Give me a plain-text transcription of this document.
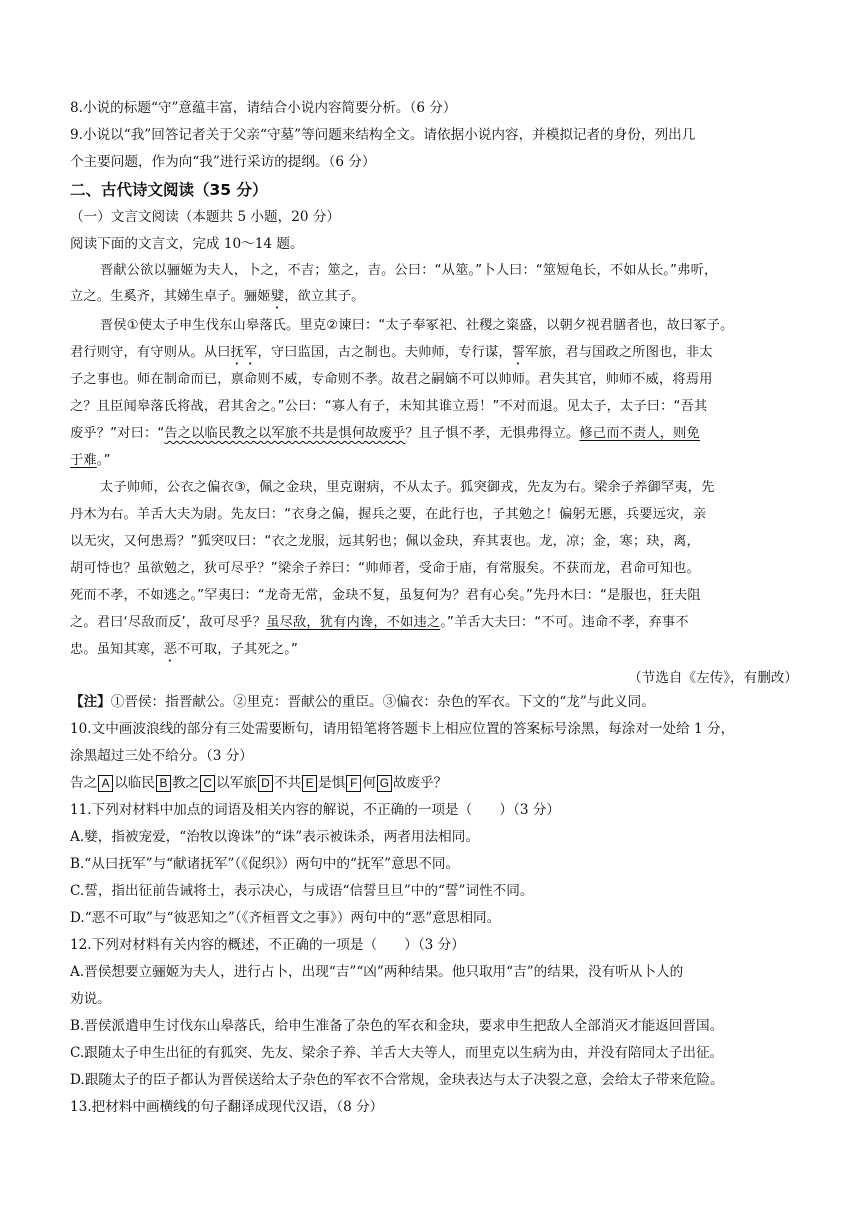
8.小说的标题“守”意蕴丰富，请结合小说内容简要分析。（6 分）
9.小说以“我”回答记者关于父亲“守墓”等问题来结构全文。请依据小说内容，并模拟记者的身份，列出几
个主要问题，作为向“我”进行采访的提纲。（6 分）
二、古代诗文阅读（35 分）
（一）文言文阅读（本题共 5 小题，20 分）
阅读下面的文言文，完成 10～14 题。
晋献公欲以骊姬为夫人，卜之，不吉；筮之，吉。公曰：“从筮。”卜人曰：“筮短龟长，不如从长。”弗听，
立之。生奚齐，其娣生卓子。骊姬嬖，欲立其子。
晋侯①使太子申生伐东山皋落氏。里克②谏曰：“太子奉冢祀、社稷之粢盛，以朝夕视君膳者也，故曰冢子。
君行则守，有守则从。从曰抚军，守曰监国，古之制也。夫帅师，专行谋，誓军旅，君与国政之所图也，非太
子之事也。师在制命而已，禀命则不威，专命则不孝。故君之嗣嫡不可以帅师。君失其官，帅师不威，将焉用
之？且臣闻皋落氏将战，君其舍之。”公曰：“寡人有子，未知其谁立焉！”不对而退。见太子，太子曰：“吾其
废乎？”对曰：“告之以临民教之以军旅不共是惧何故废乎？且子惧不孝，无惧弗得立。修己而不责人，则免
于难。”
太子帅师，公衣之偏衣③，佩之金玦，里克谢病，不从太子。狐突御戎，先友为右。梁余子养御罕夷，先
丹木为右。羊舌大夫为尉。先友曰：“衣身之偏，握兵之要，在此行也，子其勉之！偏躬无慝，兵要远灾，亲
以无灾，又何患焉？”狐突叹曰：“衣之龙服，远其躬也；佩以金玦，弃其衷也。龙，凉；金，寒；玦，离，
胡可恃也？虽欲勉之，狄可尽乎？”梁余子养曰：“帅师者，受命于庙，有常服矣。不获而龙，君命可知也。
死而不孝，不如逃之。”罕夷曰：“龙奇无常，金玦不复，虽复何为？君有心矣。”先丹木曰：“是服也，狂夫阻
之。君曰‘尽敌而反’，敌可尽乎？虽尽敌，犹有内谗，不如违之。”羊舌大夫曰：“不可。违命不孝，弃事不
忠。虽知其寒，恶不可取，子其死之。”
（节选自《左传》，有删改）
【注】①晋侯：指晋献公。②里克：晋献公的重臣。③偏衣：杂色的军衣。下文的“龙”与此义同。
10.文中画波浪线的部分有三处需要断句，请用铅笔将答题卡上相应位置的答案标号涂黑，每涂对一处给 1 分，
涂黑超过三处不给分。（3 分）
告之 A 以临民 B 教之 C 以军旅 D 不共 E 是惧 F 何 G 故废乎？
11.下列对材料中加点的词语及相关内容的解说，不正确的一项是（　　）（3 分）
A.嬖，指被宠爱，“治牧以谗诛”的“诛”表示被诛杀，两者用法相同。
B.“从曰抚军”与“献诸抚军”（《促织》）两句中的“抚军”意思不同。
C.誓，指出征前告诫将士，表示决心，与成语“信誓旦旦”中的“誓”词性不同。
D.“恶不可取”与“彼恶知之”（《齐桓晋文之事》）两句中的“恶”意思相同。
12.下列对材料有关内容的概述，不正确的一项是（　　）（3 分）
A.晋侯想要立骊姬为夫人，进行占卜，出现“吉”“凶”两种结果。他只取用“吉”的结果，没有听从卜人的
劝说。
B.晋侯派遣申生讨伐东山皋落氏，给申生准备了杂色的军衣和金玦，要求申生把敌人全部消灭才能返回晋国。
C.跟随太子申生出征的有狐突、先友、梁余子养、羊舌大夫等人，而里克以生病为由，并没有陪同太子出征。
D.跟随太子的臣子都认为晋侯送给太子杂色的军衣不合常规，金玦表达与太子决裂之意，会给太子带来危险。
13.把材料中画横线的句子翻译成现代汉语，（8 分）
